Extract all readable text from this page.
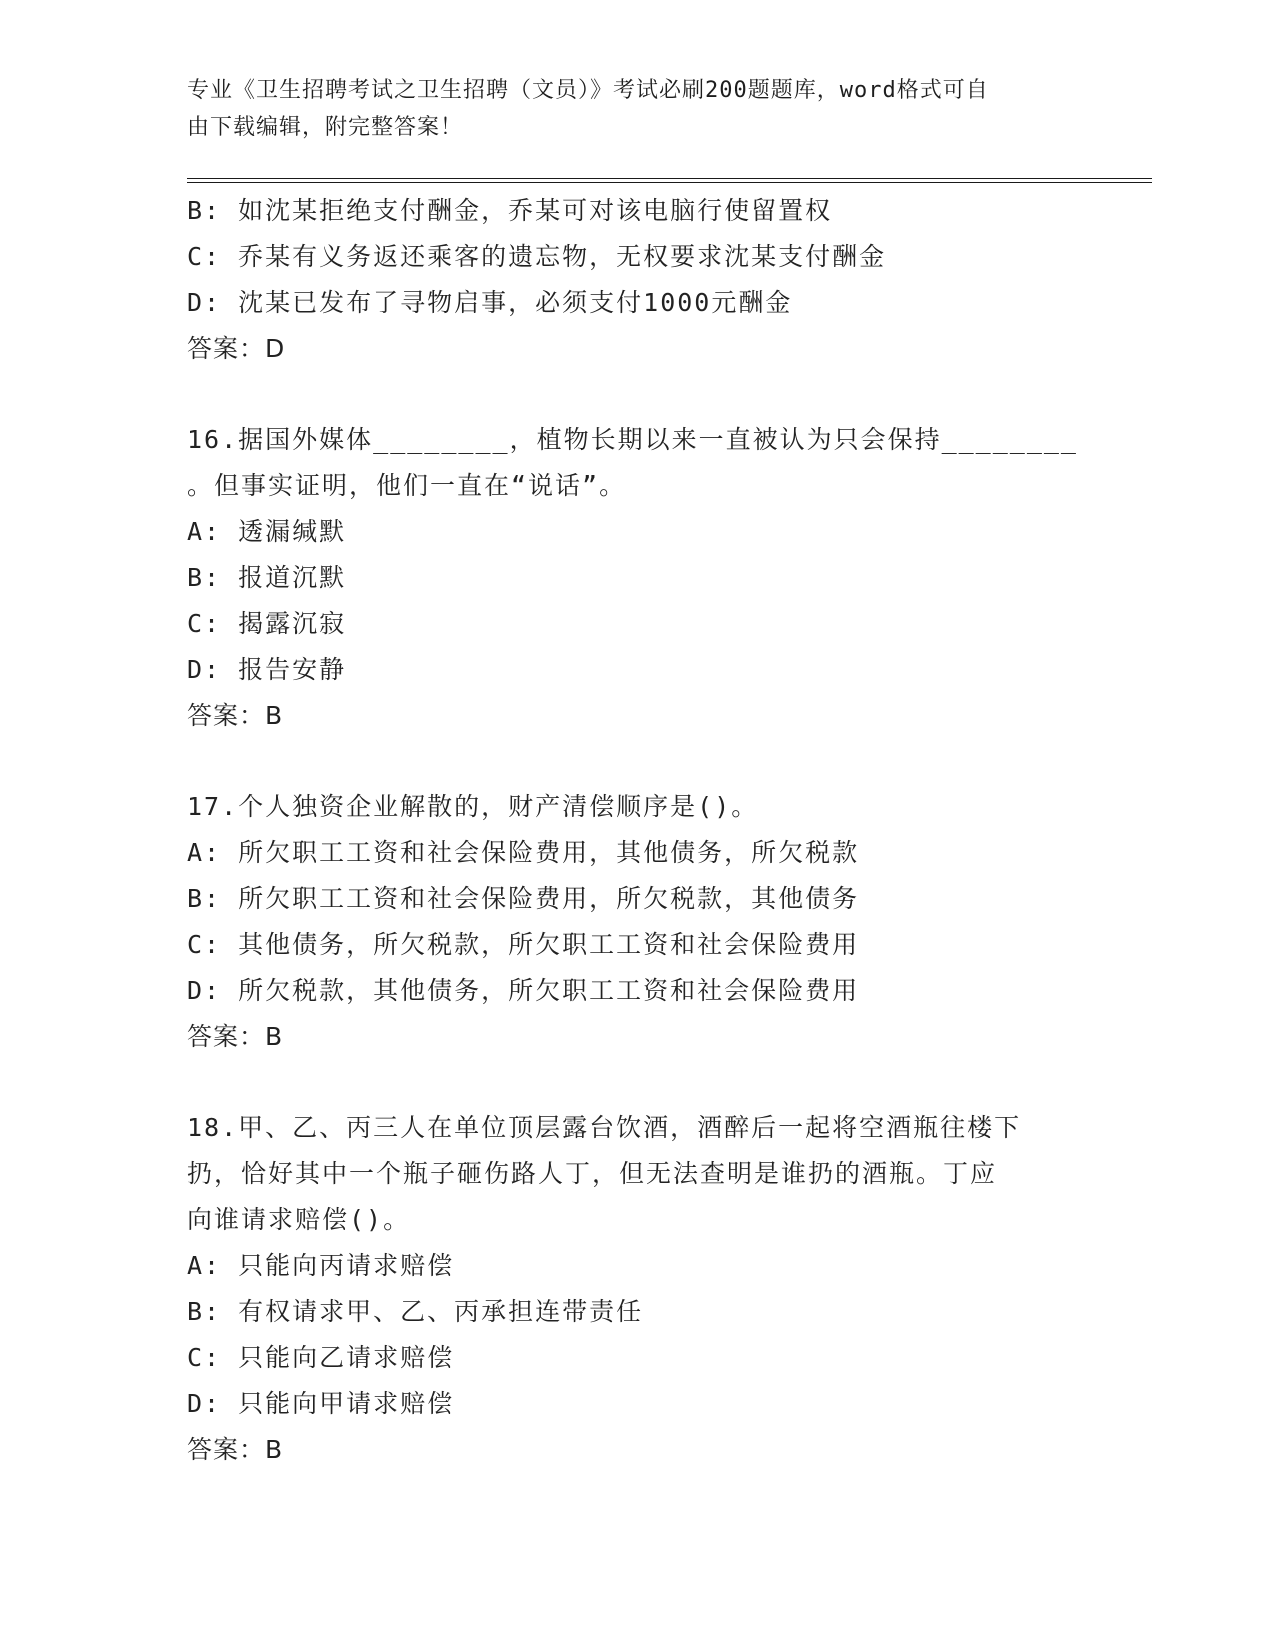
专业《卫生招聘考试之卫生招聘（文员）》考试必刷200题题库，word格式可自
由下载编辑，附完整答案！
B: 如沈某拒绝支付酬金，乔某可对该电脑行使留置权
C: 乔某有义务返还乘客的遗忘物，无权要求沈某支付酬金
D: 沈某已发布了寻物启事，必须支付1000元酬金
答案：D
16.据国外媒体________，植物长期以来一直被认为只会保持________
。但事实证明，他们一直在“说话”。
A: 透漏缄默
B: 报道沉默
C: 揭露沉寂
D: 报告安静
答案：B
17.个人独资企业解散的，财产清偿顺序是()。
A: 所欠职工工资和社会保险费用，其他债务，所欠税款
B: 所欠职工工资和社会保险费用，所欠税款，其他债务
C: 其他债务，所欠税款，所欠职工工资和社会保险费用
D: 所欠税款，其他债务，所欠职工工资和社会保险费用
答案：B
18.甲、乙、丙三人在单位顶层露台饮酒，酒醉后一起将空酒瓶往楼下
扔，恰好其中一个瓶子砸伤路人丁，但无法查明是谁扔的酒瓶。丁应
向谁请求赔偿()。
A: 只能向丙请求赔偿
B: 有权请求甲、乙、丙承担连带责任
C: 只能向乙请求赔偿
D: 只能向甲请求赔偿
答案：B
